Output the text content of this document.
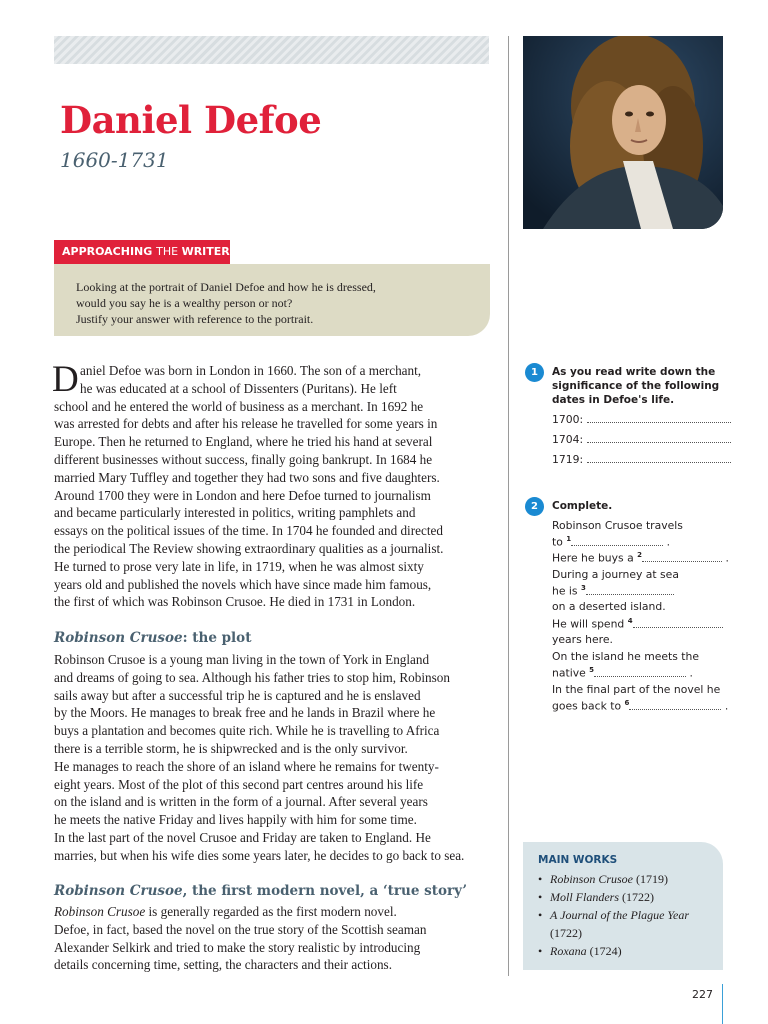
Daniel Defoe
1660-1731
APPROACHING THE WRITER
Looking at the portrait of Daniel Defoe and how he is dressed,
would you say he is a wealthy person or not?
Justify your answer with reference to the portrait.
D aniel Defoe was born in London in 1660. The son of a merchant,
he was educated at a school of Dissenters (Puritans). He left
school and he entered the world of business as a merchant. In 1692 he
was arrested for debts and after his release he travelled for some years in
Europe. Then he returned to England, where he tried his hand at several
different businesses without success, finally going bankrupt. In 1684 he
married Mary Tuffley and together they had two sons and five daughters.
Around 1700 they were in London and here Defoe turned to journalism
and became particularly interested in politics, writing pamphlets and
essays on the political issues of the time. In 1704 he founded and directed
the periodical The Review showing extraordinary qualities as a journalist.
He turned to prose very late in life, in 1719, when he was almost sixty
years old and published the novels which have since made him famous,
the first of which was Robinson Crusoe. He died in 1731 in London.
Robinson Crusoe: the plot
Robinson Crusoe is a young man living in the town of York in England
and dreams of going to sea. Although his father tries to stop him, Robinson
sails away but after a successful trip he is captured and he is enslaved
by the Moors. He manages to break free and he lands in Brazil where he
buys a plantation and becomes quite rich. While he is travelling to Africa
there is a terrible storm, he is shipwrecked and is the only survivor.
He manages to reach the shore of an island where he remains for twenty-
eight years. Most of the plot of this second part centres around his life
on the island and is written in the form of a journal. After several years
he meets the native Friday and lives happily with him for some time.
In the last part of the novel Crusoe and Friday are taken to England. He
marries, but when his wife dies some years later, he decides to go back to sea.
Robinson Crusoe, the first modern novel, a ‘true story’
Robinson Crusoe is generally regarded as the first modern novel.
Defoe, in fact, based the novel on the true story of the Scottish seaman
Alexander Selkirk and tried to make the story realistic by introducing
details concerning time, setting, the characters and their actions.
1	As you read write down the significance of the following dates in Defoe's life.
1700:
1704:
1719:
2	Complete.
Robinson Crusoe travels
to $^1$	.
Here he buys a $^2$	.
During a journey at sea
he is $^3$
on a deserted island.
He will spend $^4$
years here.
On the island he meets the
native $^5$	.
In the final part of the novel he
goes back to $^6$	.
MAIN WORKS
• Robinson Crusoe (1719)
• Moll Flanders (1722)
• A Journal of the Plague Year
(1722)
• Roxana (1724)
227
